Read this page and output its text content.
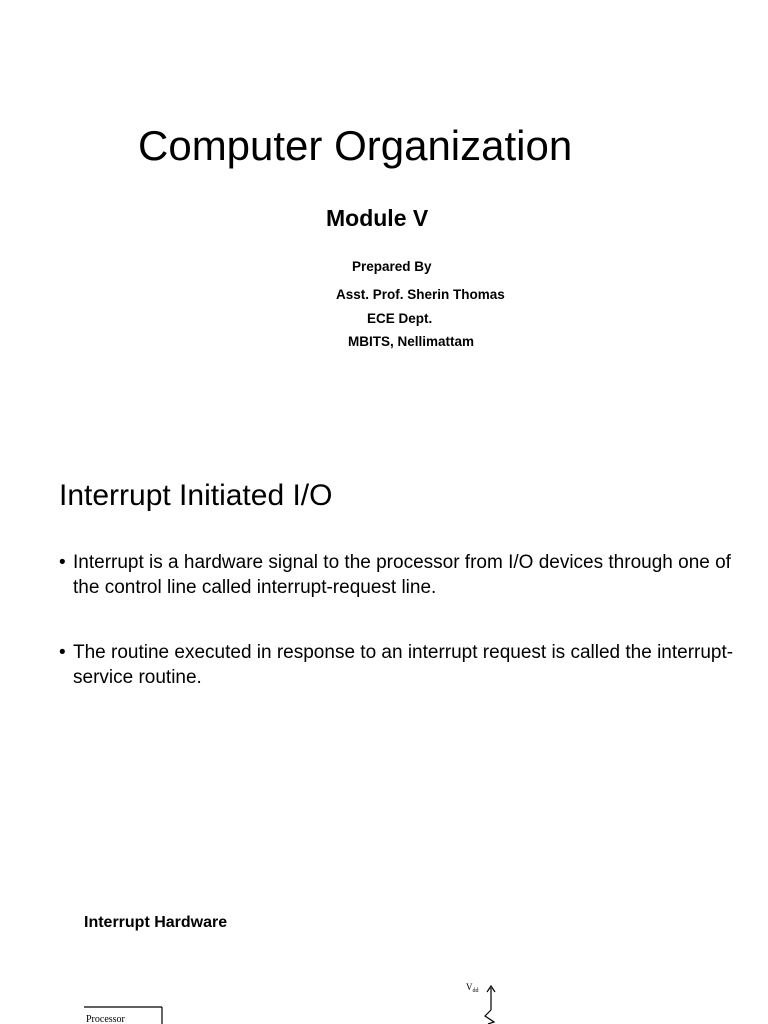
Computer Organization
Module V
Prepared By
Asst. Prof. Sherin Thomas
ECE Dept.
MBITS, Nellimattam
Interrupt Initiated I/O
• Interrupt is a hardware signal to the processor from I/O devices through one of the control line called interrupt-request line.
• The routine executed in response to an interrupt request is called the interrupt-service routine.
Interrupt Hardware
Processor
$V_{dd}$
